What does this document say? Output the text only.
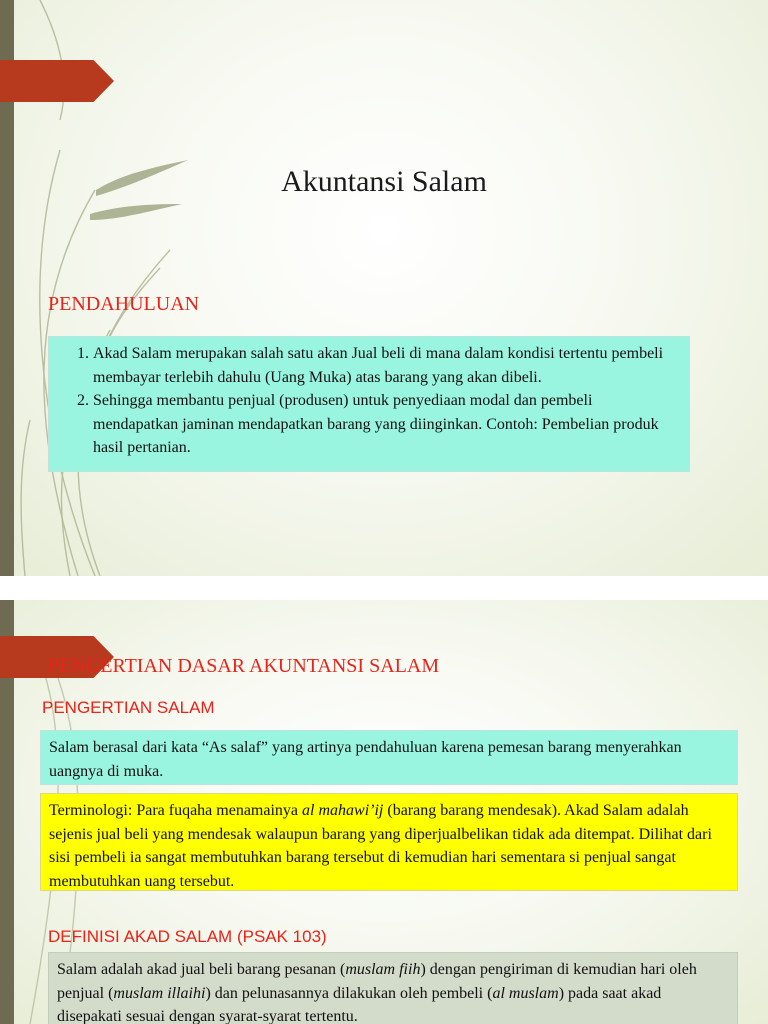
Akuntansi Salam
PENDAHULUAN
1. Akad Salam merupakan salah satu akan Jual beli di mana dalam kondisi tertentu pembeli membayar terlebih dahulu (Uang Muka) atas barang yang akan dibeli.
2. Sehingga membantu penjual (produsen) untuk penyediaan modal dan pembeli mendapatkan jaminan mendapatkan barang yang diinginkan. Contoh: Pembelian produk hasil pertanian.
PENGERTIAN DASAR AKUNTANSI SALAM
PENGERTIAN SALAM
Salam berasal dari kata “As salaf” yang artinya pendahuluan karena pemesan barang menyerahkan uangnya di muka.
Terminologi: Para fuqaha menamainya al mahawi’ij (barang barang mendesak). Akad Salam adalah sejenis jual beli yang mendesak walaupun barang yang diperjualbelikan tidak ada ditempat. Dilihat dari sisi pembeli ia sangat membutuhkan barang tersebut di kemudian hari sementara si penjual sangat membutuhkan uang tersebut.
DEFINISI AKAD SALAM (PSAK 103)
Salam adalah akad jual beli barang pesanan (muslam fiih) dengan pengiriman di kemudian hari oleh penjual (muslam illaihi) dan pelunasannya dilakukan oleh pembeli (al muslam) pada saat akad disepakati sesuai dengan syarat-syarat tertentu.
